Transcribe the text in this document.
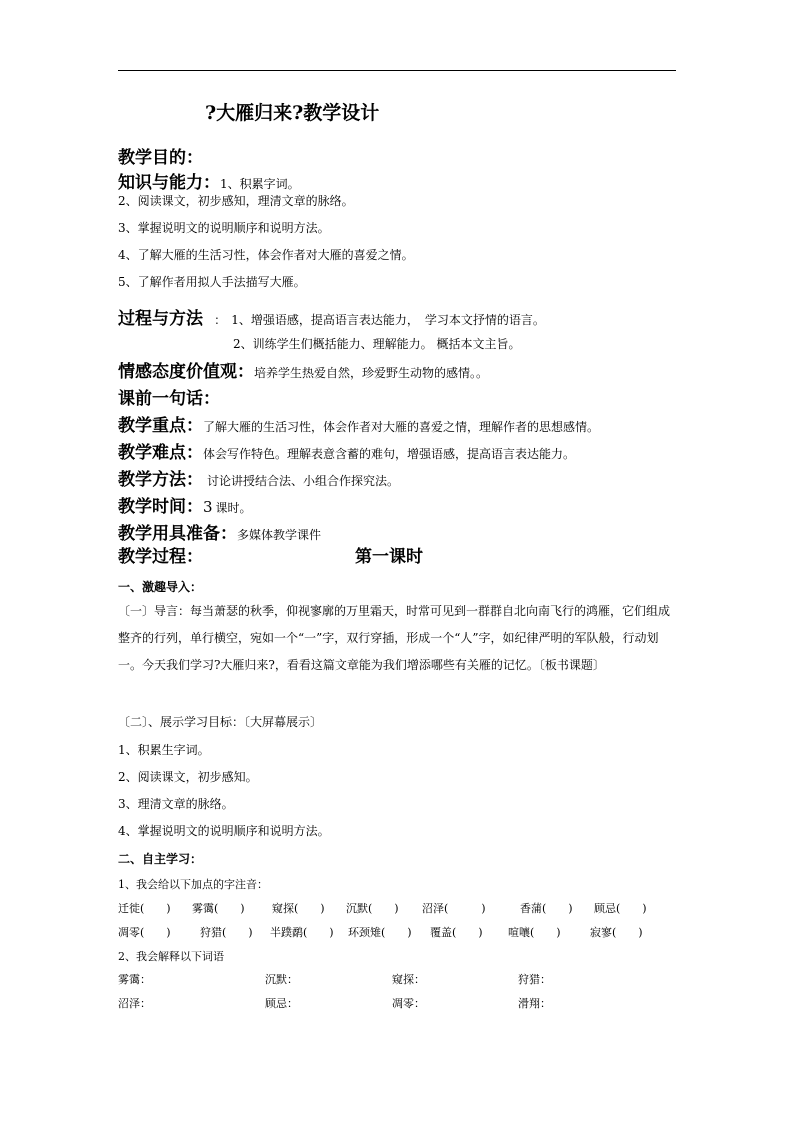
?大雁归来?教学设计
教学目的：
知识与能力：1、积累字词。
2、阅读课文，初步感知，理清文章的脉络。
3、掌握说明文的说明顺序和说明方法。
4、了解大雁的生活习性，体会作者对大雁的喜爱之情。
5、了解作者用拟人手法描写大雁。
过程与方法 ： 1、增强语感，提高语言表达能力，　学习本文抒情的语言。
2、训练学生们概括能力、理解能力。 概括本文主旨。
情感态度价值观：培养学生热爱自然，珍爱野生动物的感情。。
课前一句话：
教学重点：了解大雁的生活习性，体会作者对大雁的喜爱之情，理解作者的思想感情。
教学难点：体会写作特色。理解表意含蓄的难句，增强语感，提高语言表达能力。
教学方法： 讨论讲授结合法、小组合作探究法。
教学时间：3 课时。
教学用具准备：多媒体教学课件
教学过程：	第一课时
一、激趣导入：
〔一〕导言：每当萧瑟的秋季，仰视寥廓的万里霜天，时常可见到一群群自北向南飞行的鸿雁，它们组成整齐的行列，单行横空，宛如一个“一”字，双行穿插，形成一个“人”字，如纪律严明的军队般，行动划一。今天我们学习?大雁归来?，看看这篇文章能为我们增添哪些有关雁的记忆。〔板书课题〕
〔二〕、展示学习目标：〔大屏幕展示〕
1、积累生字词。
2、阅读课文，初步感知。
3、理清文章的脉络。
4、掌握说明文的说明顺序和说明方法。
二、自主学习：
1、我会给以下加点的字注音：
迁徙(　　) 雾霭(　　) 窥探(　　) 沉默(　　) 沼泽(　　　)	香蒲(　　) 顾忌(　　)
凋零(　　)	狩猎(　　) 半蹼鹬(　　) 环颈雉(　　) 覆盖(　　) 喧嚷(　　)	寂寥(　　)
2、我会解释以下词语
雾霭：	沉默：	窥探：	狩猎：
沼泽：	顾忌：	凋零：	滑翔：
